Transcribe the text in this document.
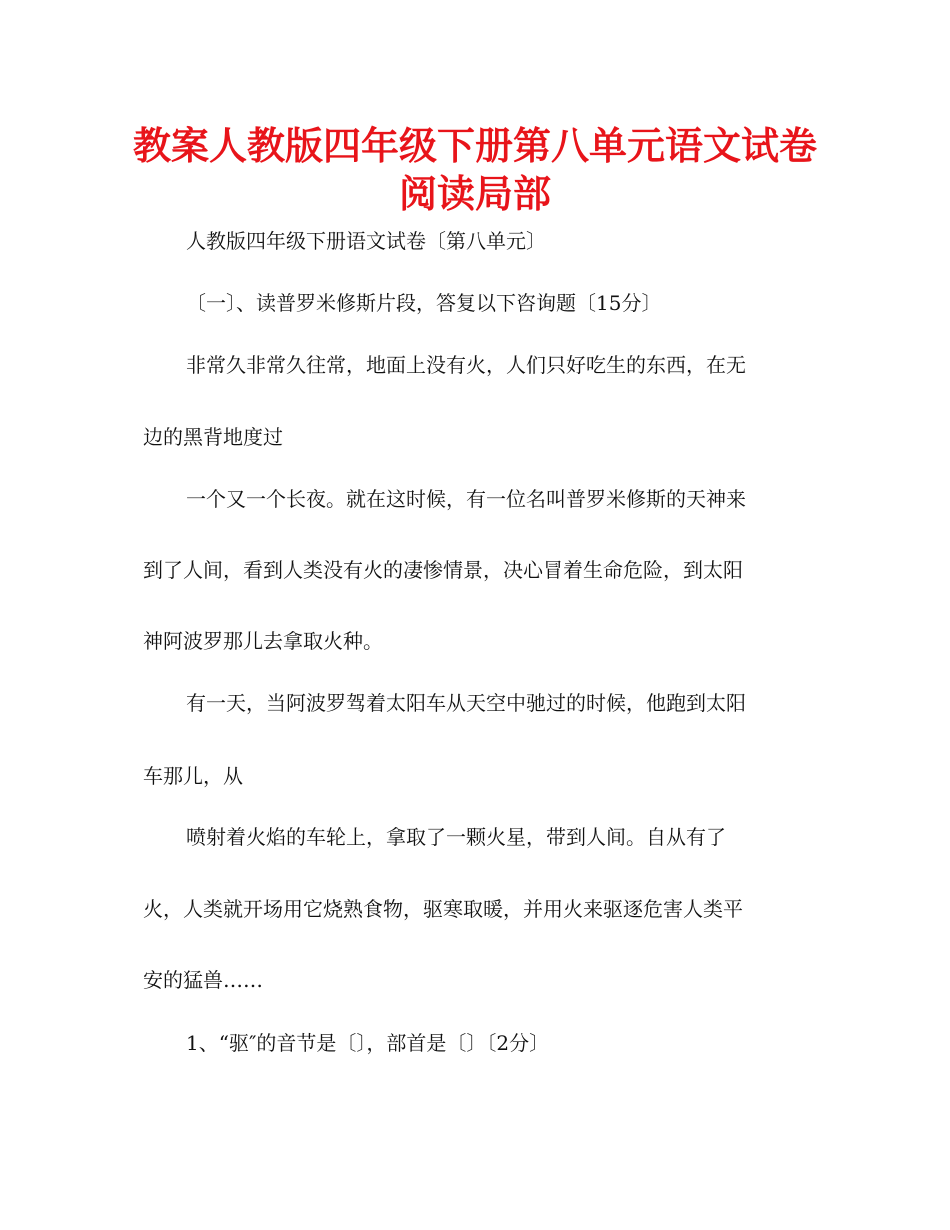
教案人教版四年级下册第八单元语文试卷
阅读局部

人教版四年级下册语文试卷〔第八单元〕

〔一〕、读普罗米修斯片段，答复以下咨询题〔15分〕

非常久非常久往常，地面上没有火，人们只好吃生的东西，在无

边的黑背地度过

一个又一个长夜。就在这时候，有一位名叫普罗米修斯的天神来

到了人间，看到人类没有火的凄惨情景，决心冒着生命危险，到太阳

神阿波罗那儿去拿取火种。

有一天，当阿波罗驾着太阳车从天空中驰过的时候，他跑到太阳

车那儿，从

喷射着火焰的车轮上，拿取了一颗火星，带到人间。自从有了

火，人类就开场用它烧熟食物，驱寒取暖，并用火来驱逐危害人类平

安的猛兽……

1、“驱″的音节是〔〕，部首是〔〕〔2分〕
